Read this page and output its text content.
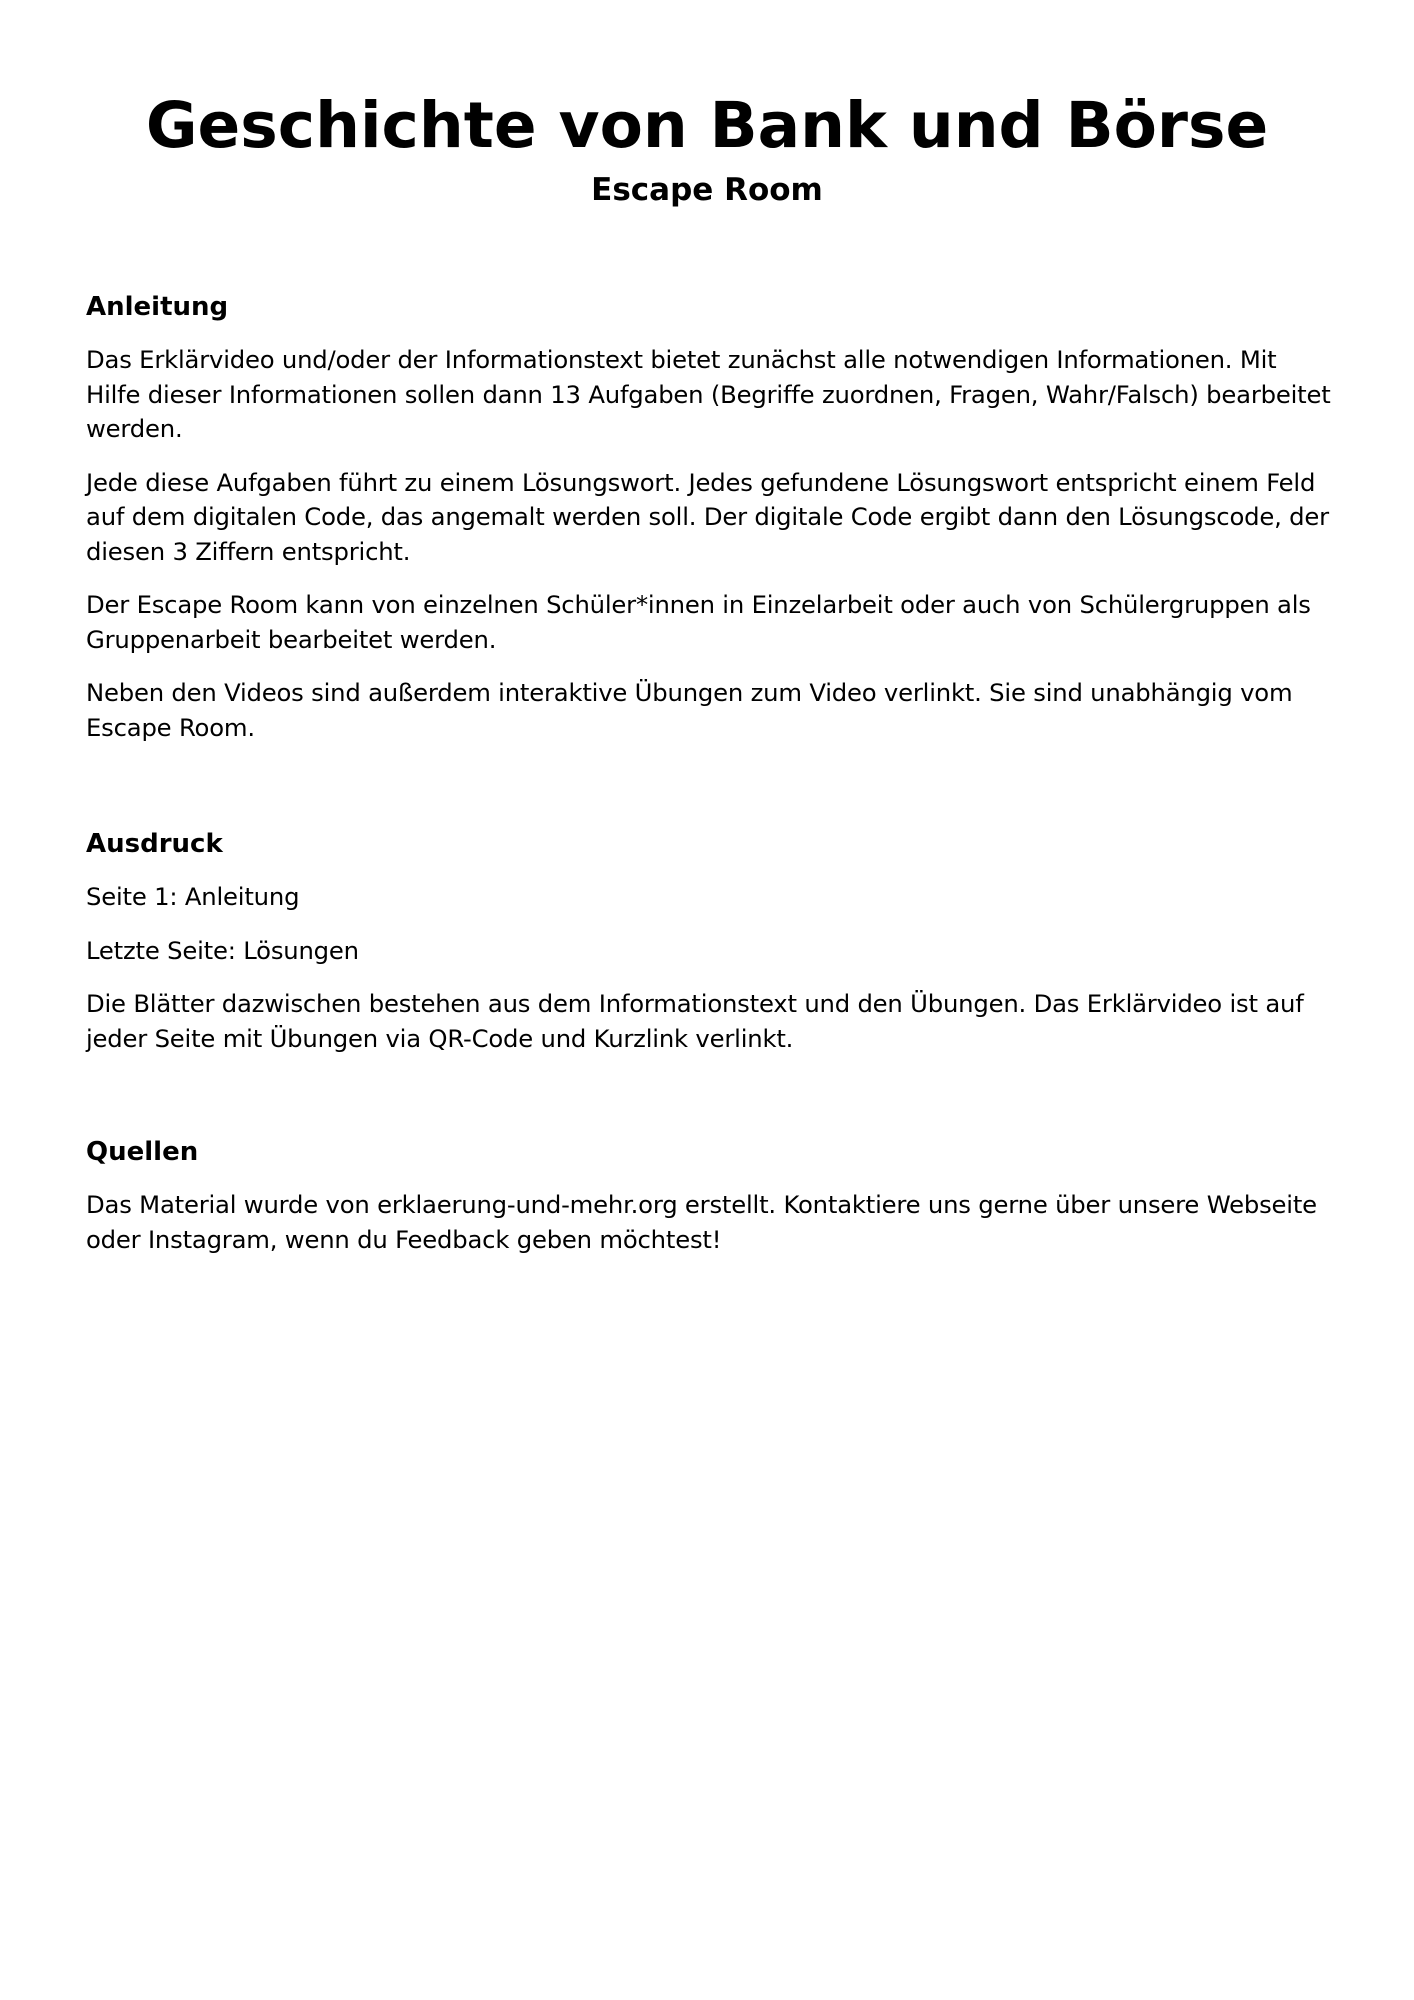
Geschichte von Bank und Börse
Escape Room
Anleitung

Das Erklärvideo und/oder der Informationstext bietet zunächst alle notwendigen Informationen. Mit Hilfe dieser Informationen sollen dann 13 Aufgaben (Begriffe zuordnen, Fragen, Wahr/Falsch) bearbeitet werden.

Jede diese Aufgaben führt zu einem Lösungswort. Jedes gefundene Lösungswort entspricht einem Feld auf dem digitalen Code, das angemalt werden soll. Der digitale Code ergibt dann den Lösungscode, der diesen 3 Ziffern entspricht.

Der Escape Room kann von einzelnen Schüler*innen in Einzelarbeit oder auch von Schülergruppen als Gruppenarbeit bearbeitet werden.

Neben den Videos sind außerdem interaktive Übungen zum Video verlinkt. Sie sind unabhängig vom Escape Room.

Ausdruck

Seite 1: Anleitung

Letzte Seite: Lösungen

Die Blätter dazwischen bestehen aus dem Informationstext und den Übungen. Das Erklärvideo ist auf jeder Seite mit Übungen via QR-Code und Kurzlink verlinkt.

Quellen

Das Material wurde von erklaerung-und-mehr.org erstellt. Kontaktiere uns gerne über unsere Webseite oder Instagram, wenn du Feedback geben möchtest!
